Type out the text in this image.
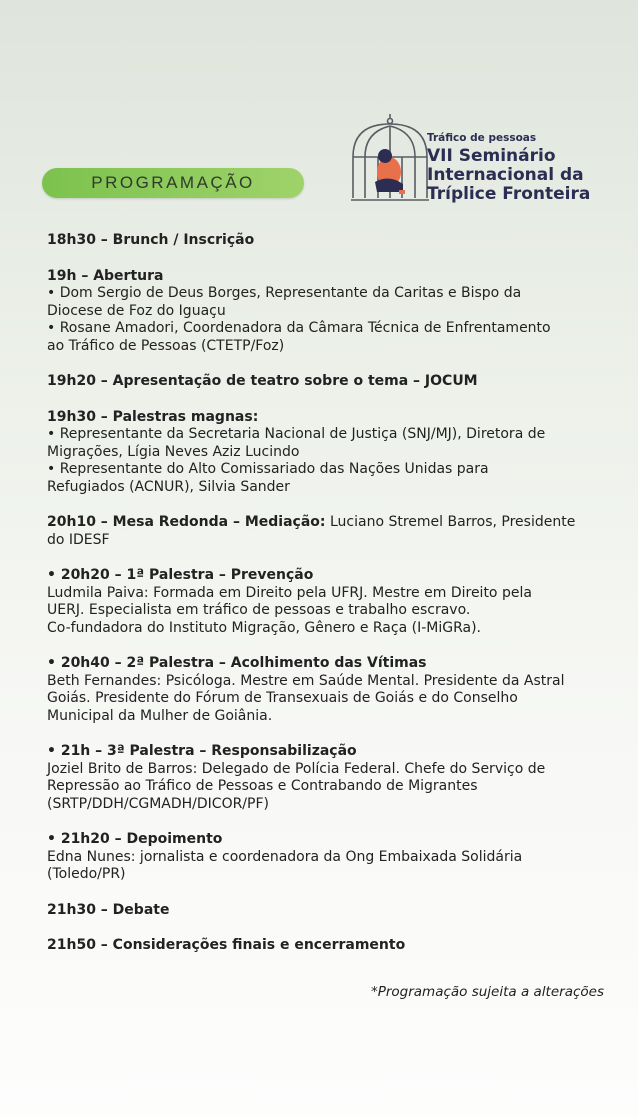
PROGRAMAÇÃO
Tráfico de pessoas
VII Seminário
Internacional da
Tríplice Fronteira

18h30 – Brunch / Inscrição

19h – Abertura

• Dom Sergio de Deus Borges, Representante da Caritas e Bispo da

Diocese de Foz do Iguaçu

• Rosane Amadori, Coordenadora da Câmara Técnica de Enfrentamento

ao Tráfico de Pessoas (CTETP/Foz)

19h20 – Apresentação de teatro sobre o tema – JOCUM

19h30 – Palestras magnas:

• Representante da Secretaria Nacional de Justiça (SNJ/MJ), Diretora de

Migrações, Lígia Neves Aziz Lucindo

• Representante do Alto Comissariado das Nações Unidas para

Refugiados (ACNUR), Silvia Sander

20h10 – Mesa Redonda – Mediação: Luciano Stremel Barros, Presidente

do IDESF

• 20h20 – 1ª Palestra – Prevenção

Ludmila Paiva: Formada em Direito pela UFRJ. Mestre em Direito pela

UERJ. Especialista em tráfico de pessoas e trabalho escravo.

Co-fundadora do Instituto Migração, Gênero e Raça (I-MiGRa).

• 20h40 – 2ª Palestra – Acolhimento das Vítimas

Beth Fernandes: Psicóloga. Mestre em Saúde Mental. Presidente da Astral

Goiás. Presidente do Fórum de Transexuais de Goiás e do Conselho

Municipal da Mulher de Goiânia.

• 21h – 3ª Palestra – Responsabilização

Joziel Brito de Barros: Delegado de Polícia Federal. Chefe do Serviço de

Repressão ao Tráfico de Pessoas e Contrabando de Migrantes

(SRTP/DDH/CGMADH/DICOR/PF)

• 21h20 – Depoimento

Edna Nunes: jornalista e coordenadora da Ong Embaixada Solidária

(Toledo/PR)

21h30 – Debate

21h50 – Considerações finais e encerramento

*Programação sujeita a alterações
